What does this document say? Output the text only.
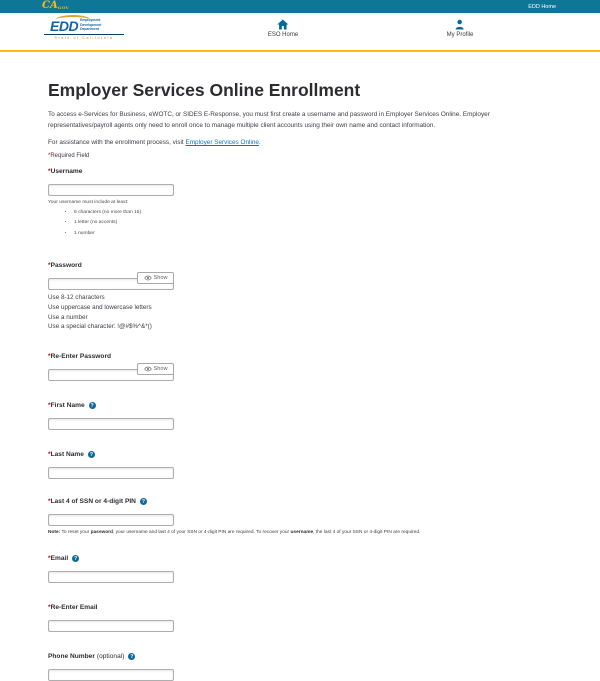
CAGOV	EDD Home
EDD Employment
Development
Department
State of California	ESO Home	My Profile
Employer Services Online Enrollment

To access e-Services for Business, eWOTC, or SIDES E-Response, you must first create a username and password in Employer Services Online. Employer representatives/payroll agents only need to enroll once to manage multiple client accounts using their own name and contact information.

For assistance with the enrollment process, visit Employer Services Online.

*Required Field

* Username
Your username must include at least:
• 8 characters (no more than 15)
• 1 letter (no accents)
• 1 number
* Password
Show
Use 8-12 characters
Use uppercase and lowercase letters
Use a number
Use a special character: !@#$%^&*()
* Re-Enter Password
Show
* First Name	?
* Last Name	?
* Last 4 of SSN or 4-digit PIN	?
Note: To reset your password, your username and last 4 of your SSN or 4-digit PIN are required. To recover your username, the last 4 of your SSN or 4-digit PIN are required.
* Email	?
* Re-Enter Email
Phone Number (optional)	?
